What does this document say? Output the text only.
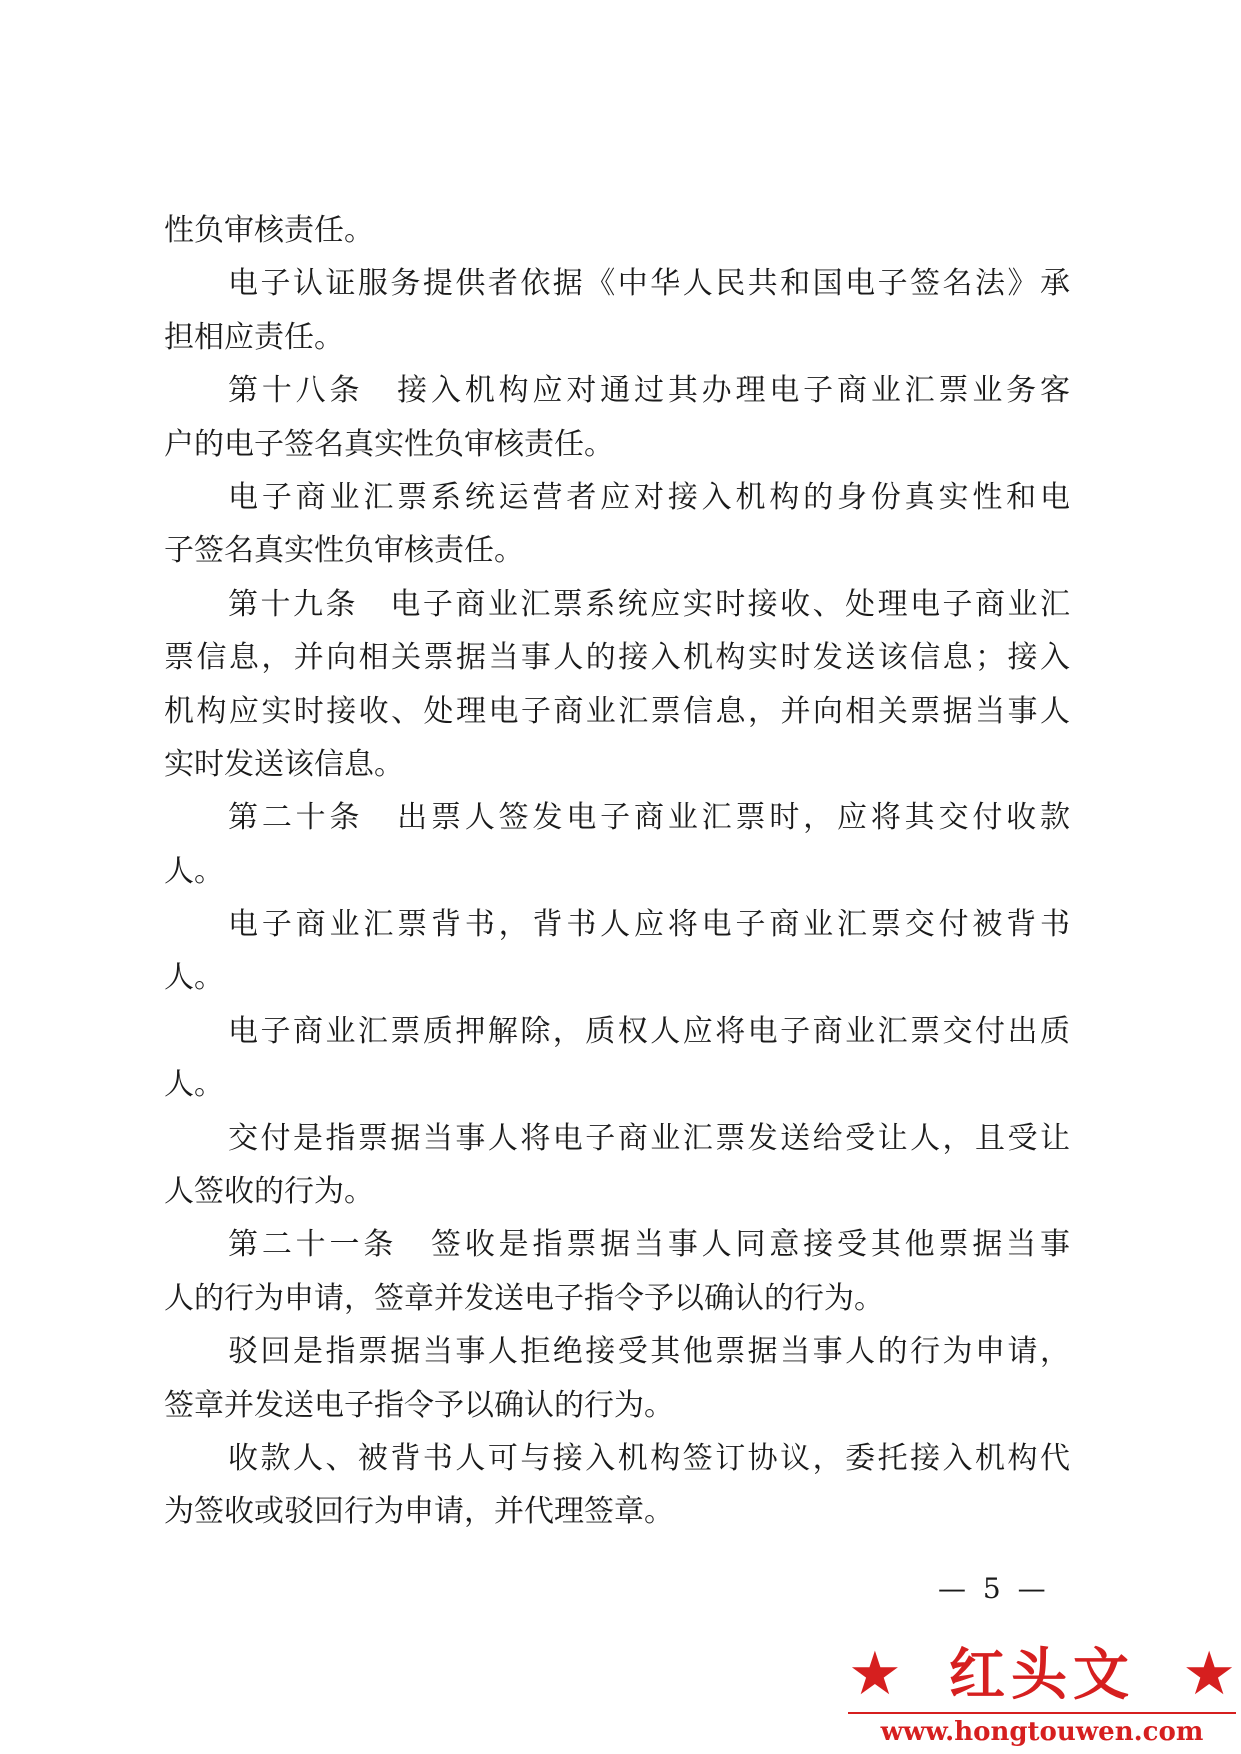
性负审核责任。
电子认证服务提供者依据《中华人民共和国电子签名法》承
担相应责任。
第十八条　接入机构应对通过其办理电子商业汇票业务客
户的电子签名真实性负审核责任。
电子商业汇票系统运营者应对接入机构的身份真实性和电
子签名真实性负审核责任。
第十九条　电子商业汇票系统应实时接收、处理电子商业汇
票信息，并向相关票据当事人的接入机构实时发送该信息；接入
机构应实时接收、处理电子商业汇票信息，并向相关票据当事人
实时发送该信息。
第二十条　出票人签发电子商业汇票时，应将其交付收款
人。
电子商业汇票背书，背书人应将电子商业汇票交付被背书
人。
电子商业汇票质押解除，质权人应将电子商业汇票交付出质
人。
交付是指票据当事人将电子商业汇票发送给受让人，且受让
人签收的行为。
第二十一条　签收是指票据当事人同意接受其他票据当事
人的行为申请，签章并发送电子指令予以确认的行为。
驳回是指票据当事人拒绝接受其他票据当事人的行为申请，
签章并发送电子指令予以确认的行为。
收款人、被背书人可与接入机构签订协议，委托接入机构代
为签收或驳回行为申请，并代理签章。
— 5 —
★	★
红头文
www.hongtouwen.com
